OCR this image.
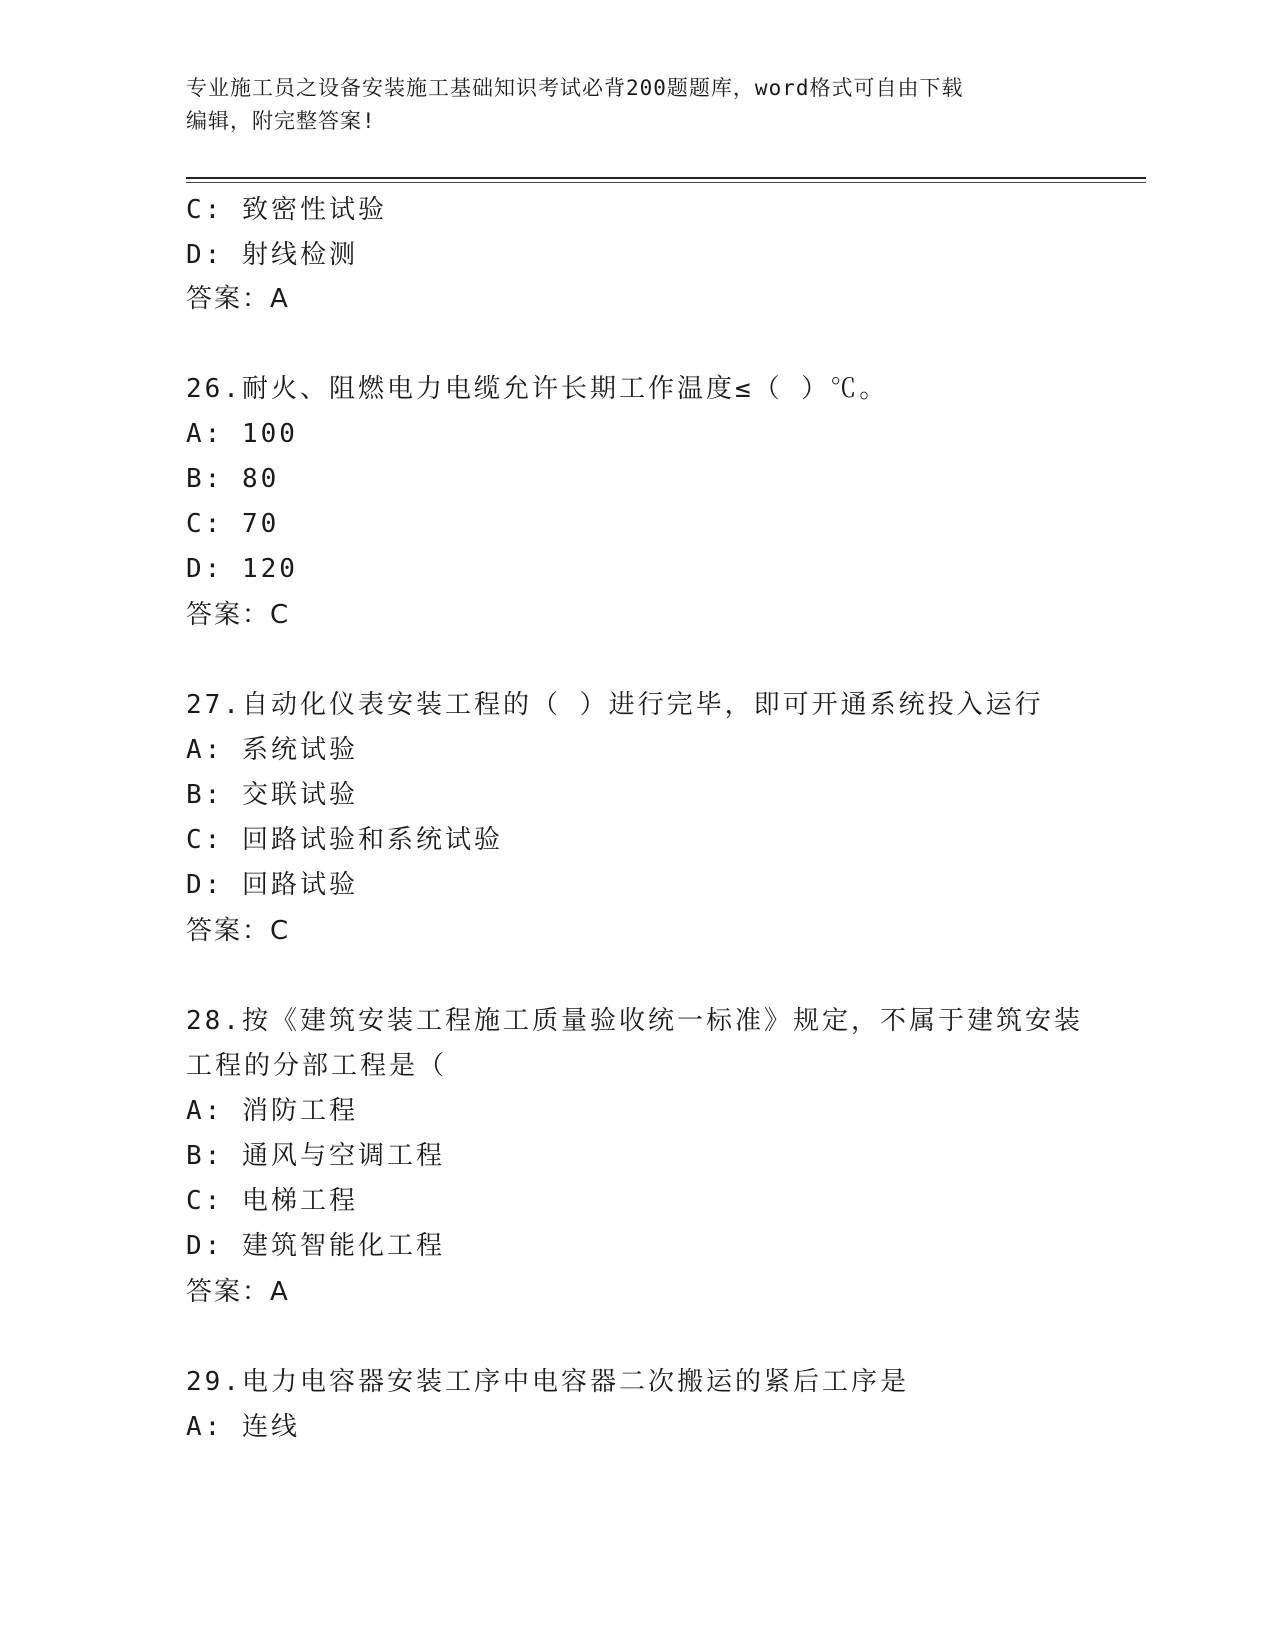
专业施工员之设备安装施工基础知识考试必背200题题库，word格式可自由下载
编辑，附完整答案!
C: 致密性试验
D: 射线检测
答案：A
26.耐火、阻燃电力电缆允许长期工作温度≤（ ）℃。
A: 100
B: 80
C: 70
D: 120
答案：C
27.自动化仪表安装工程的（ ）进行完毕，即可开通系统投入运行
A: 系统试验
B: 交联试验
C: 回路试验和系统试验
D: 回路试验
答案：C
28.按《建筑安装工程施工质量验收统一标准》规定，不属于建筑安装
工程的分部工程是（
A: 消防工程
B: 通风与空调工程
C: 电梯工程
D: 建筑智能化工程
答案：A
29.电力电容器安装工序中电容器二次搬运的紧后工序是
A: 连线
